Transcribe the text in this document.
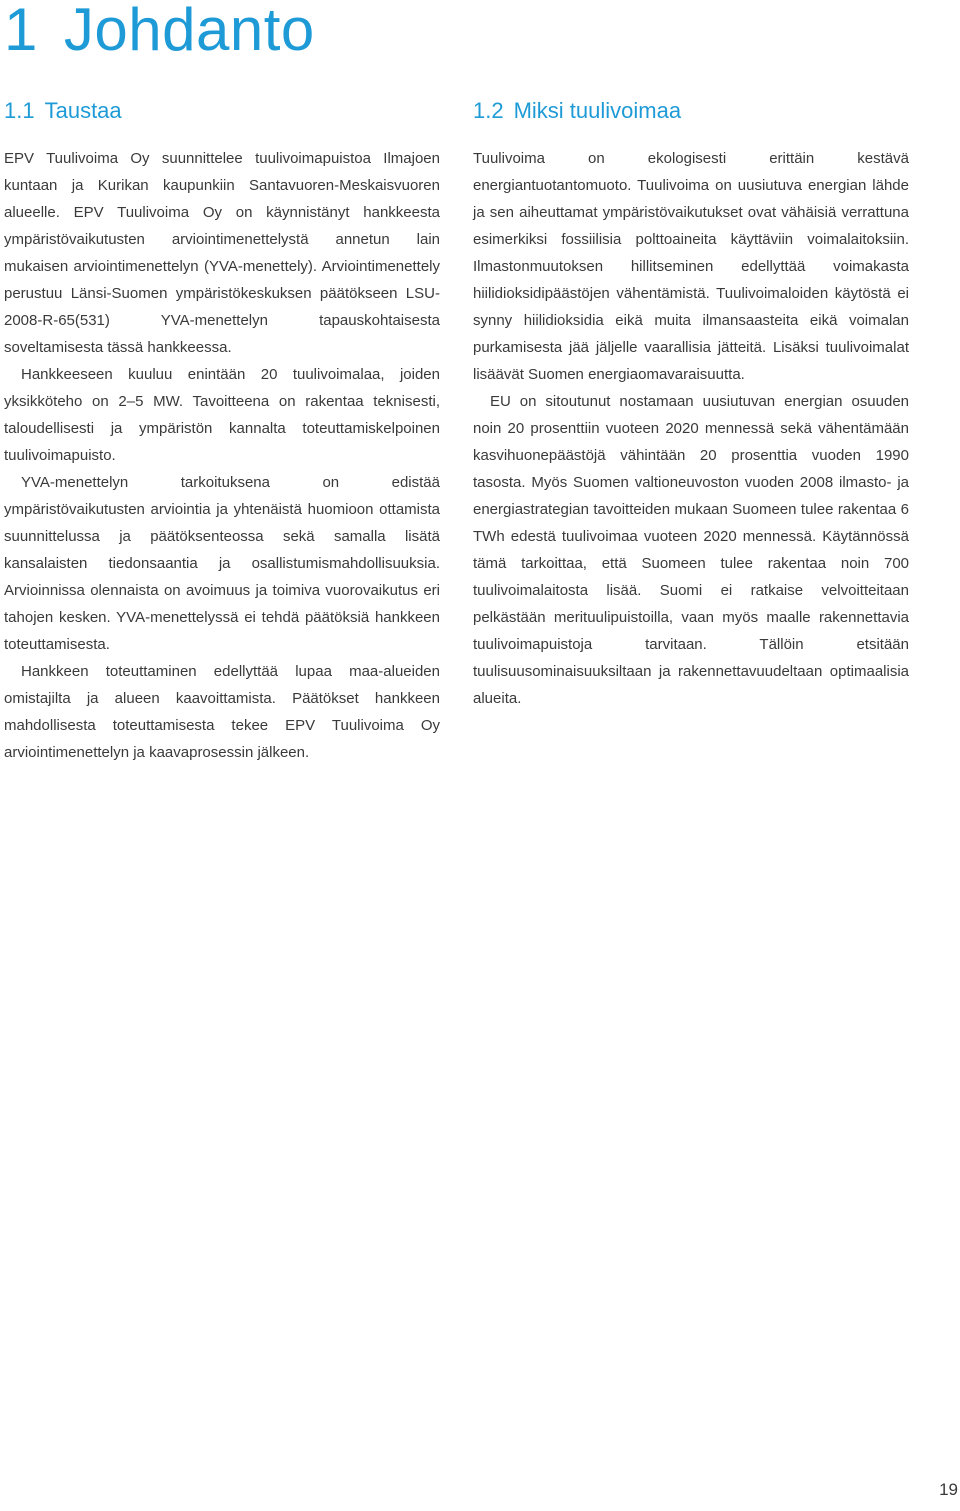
1 Johdanto
1.1 Taustaa

EPV Tuulivoima Oy suunnittelee tuulivoimapuistoa Ilmajoen kuntaan ja Kurikan kaupunkiin Santavuoren-Meskaisvuoren alueelle. EPV Tuulivoima Oy on käynnistänyt hankkeesta ympäristövaikutusten arviointimenettelystä annetun lain mukaisen arviointimenettelyn (YVA-menettely). Arviointimenettely perustuu Länsi-Suomen ympäristökeskuksen päätökseen LSU-2008-R-65(531) YVA-menettelyn tapauskohtaisesta soveltamisesta tässä hankkeessa.

Hankkeeseen kuuluu enintään 20 tuulivoimalaa, joiden yksikköteho on 2‒5 MW. Tavoitteena on rakentaa teknisesti, taloudellisesti ja ympäristön kannalta toteuttamiskelpoinen tuulivoimapuisto.

YVA-menettelyn tarkoituksena on edistää ympäristövaikutusten arviointia ja yhtenäistä huomioon ottamista suunnittelussa ja päätöksenteossa sekä samalla lisätä kansalaisten tiedonsaantia ja osallistumismahdollisuuksia. Arvioinnissa olennaista on avoimuus ja toimiva vuorovaikutus eri tahojen kesken. YVA-menettelyssä ei tehdä päätöksiä hankkeen toteuttamisesta.

Hankkeen toteuttaminen edellyttää lupaa maa-alueiden omistajilta ja alueen kaavoittamista. Päätökset hankkeen mahdollisesta toteuttamisesta tekee EPV Tuulivoima Oy arviointimenettelyn ja kaavaprosessin jälkeen.

1.2 Miksi tuulivoimaa

Tuulivoima on ekologisesti erittäin kestävä energiantuotantomuoto. Tuulivoima on uusiutuva energian lähde ja sen aiheuttamat ympäristövaikutukset ovat vähäisiä verrattuna esimerkiksi fossiilisia polttoaineita käyttäviin voimalaitoksiin. Ilmastonmuutoksen hillitseminen edellyttää voimakasta hiilidioksidipäästöjen vähentämistä. Tuulivoimaloiden käytöstä ei synny hiilidioksidia eikä muita ilmansaasteita eikä voimalan purkamisesta jää jäljelle vaarallisia jätteitä. Lisäksi tuulivoimalat lisäävät Suomen energiaomavaraisuutta.

EU on sitoutunut nostamaan uusiutuvan energian osuuden noin 20 prosenttiin vuoteen 2020 mennessä sekä vähentämään kasvihuonepäästöjä vähintään 20 prosenttia vuoden 1990 tasosta. Myös Suomen valtioneuvoston vuoden 2008 ilmasto- ja energiastrategian tavoitteiden mukaan Suomeen tulee rakentaa 6 TWh edestä tuulivoimaa vuoteen 2020 mennessä. Käytännössä tämä tarkoittaa, että Suomeen tulee rakentaa noin 700 tuulivoimalaitosta lisää. Suomi ei ratkaise velvoitteitaan pelkästään merituulipuistoilla, vaan myös maalle rakennettavia tuulivoimapuistoja tarvitaan. Tällöin etsitään tuulisuusominaisuuksiltaan ja rakennettavuudeltaan optimaalisia alueita.

19
